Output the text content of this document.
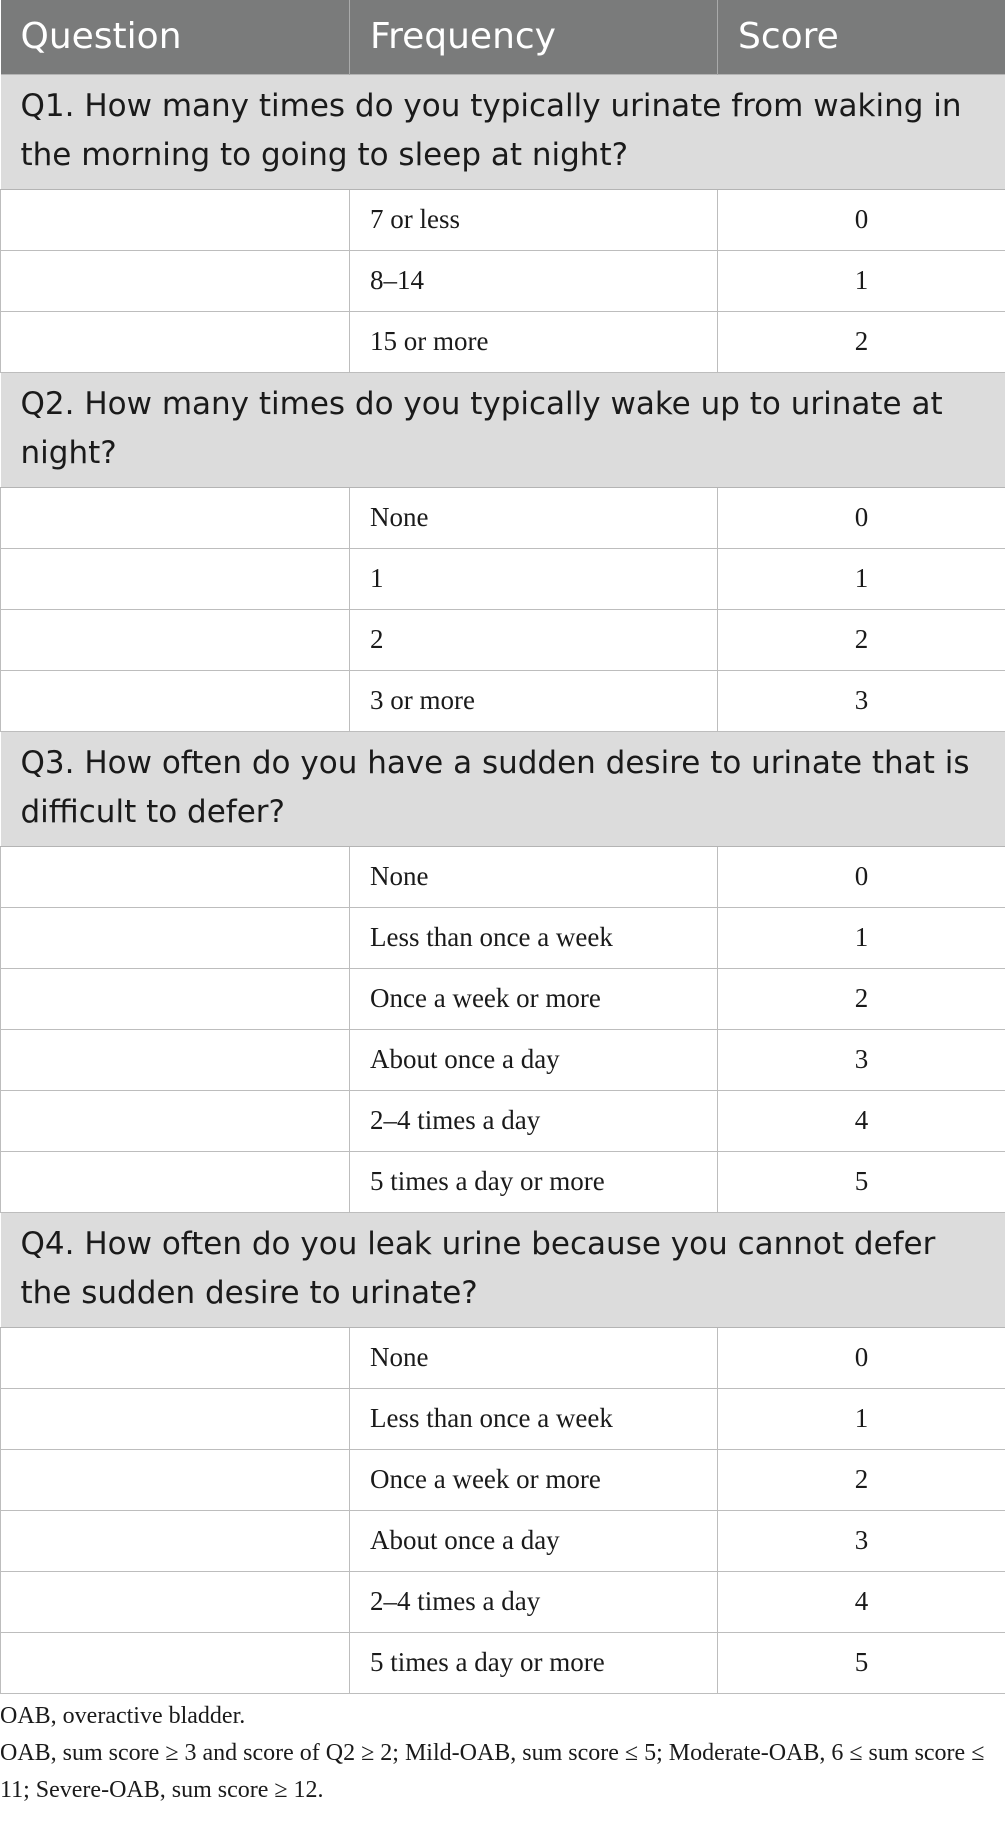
Question	Frequency	Score
Q1. How many times do you typically urinate from waking in the morning to going to sleep at night?		
	7 or less	0
	8–14	1
	15 or more	2
Q2. How many times do you typically wake up to urinate at night?		
	None	0
	1	1
	2	2
	3 or more	3
Q3. How often do you have a sudden desire to urinate that is difficult to defer?		
	None	0
	Less than once a week	1
	Once a week or more	2
	About once a day	3
	2–4 times a day	4
	5 times a day or more	5
Q4. How often do you leak urine because you cannot defer the sudden desire to urinate?		
	None	0
	Less than once a week	1
	Once a week or more	2
	About once a day	3
	2–4 times a day	4
	5 times a day or more	5

OAB, overactive bladder.

OAB, sum score ≥ 3 and score of Q2 ≥ 2; Mild-OAB, sum score ≤ 5; Moderate-OAB, 6 ≤ sum score ≤ 11; Severe-OAB, sum score ≥ 12.
